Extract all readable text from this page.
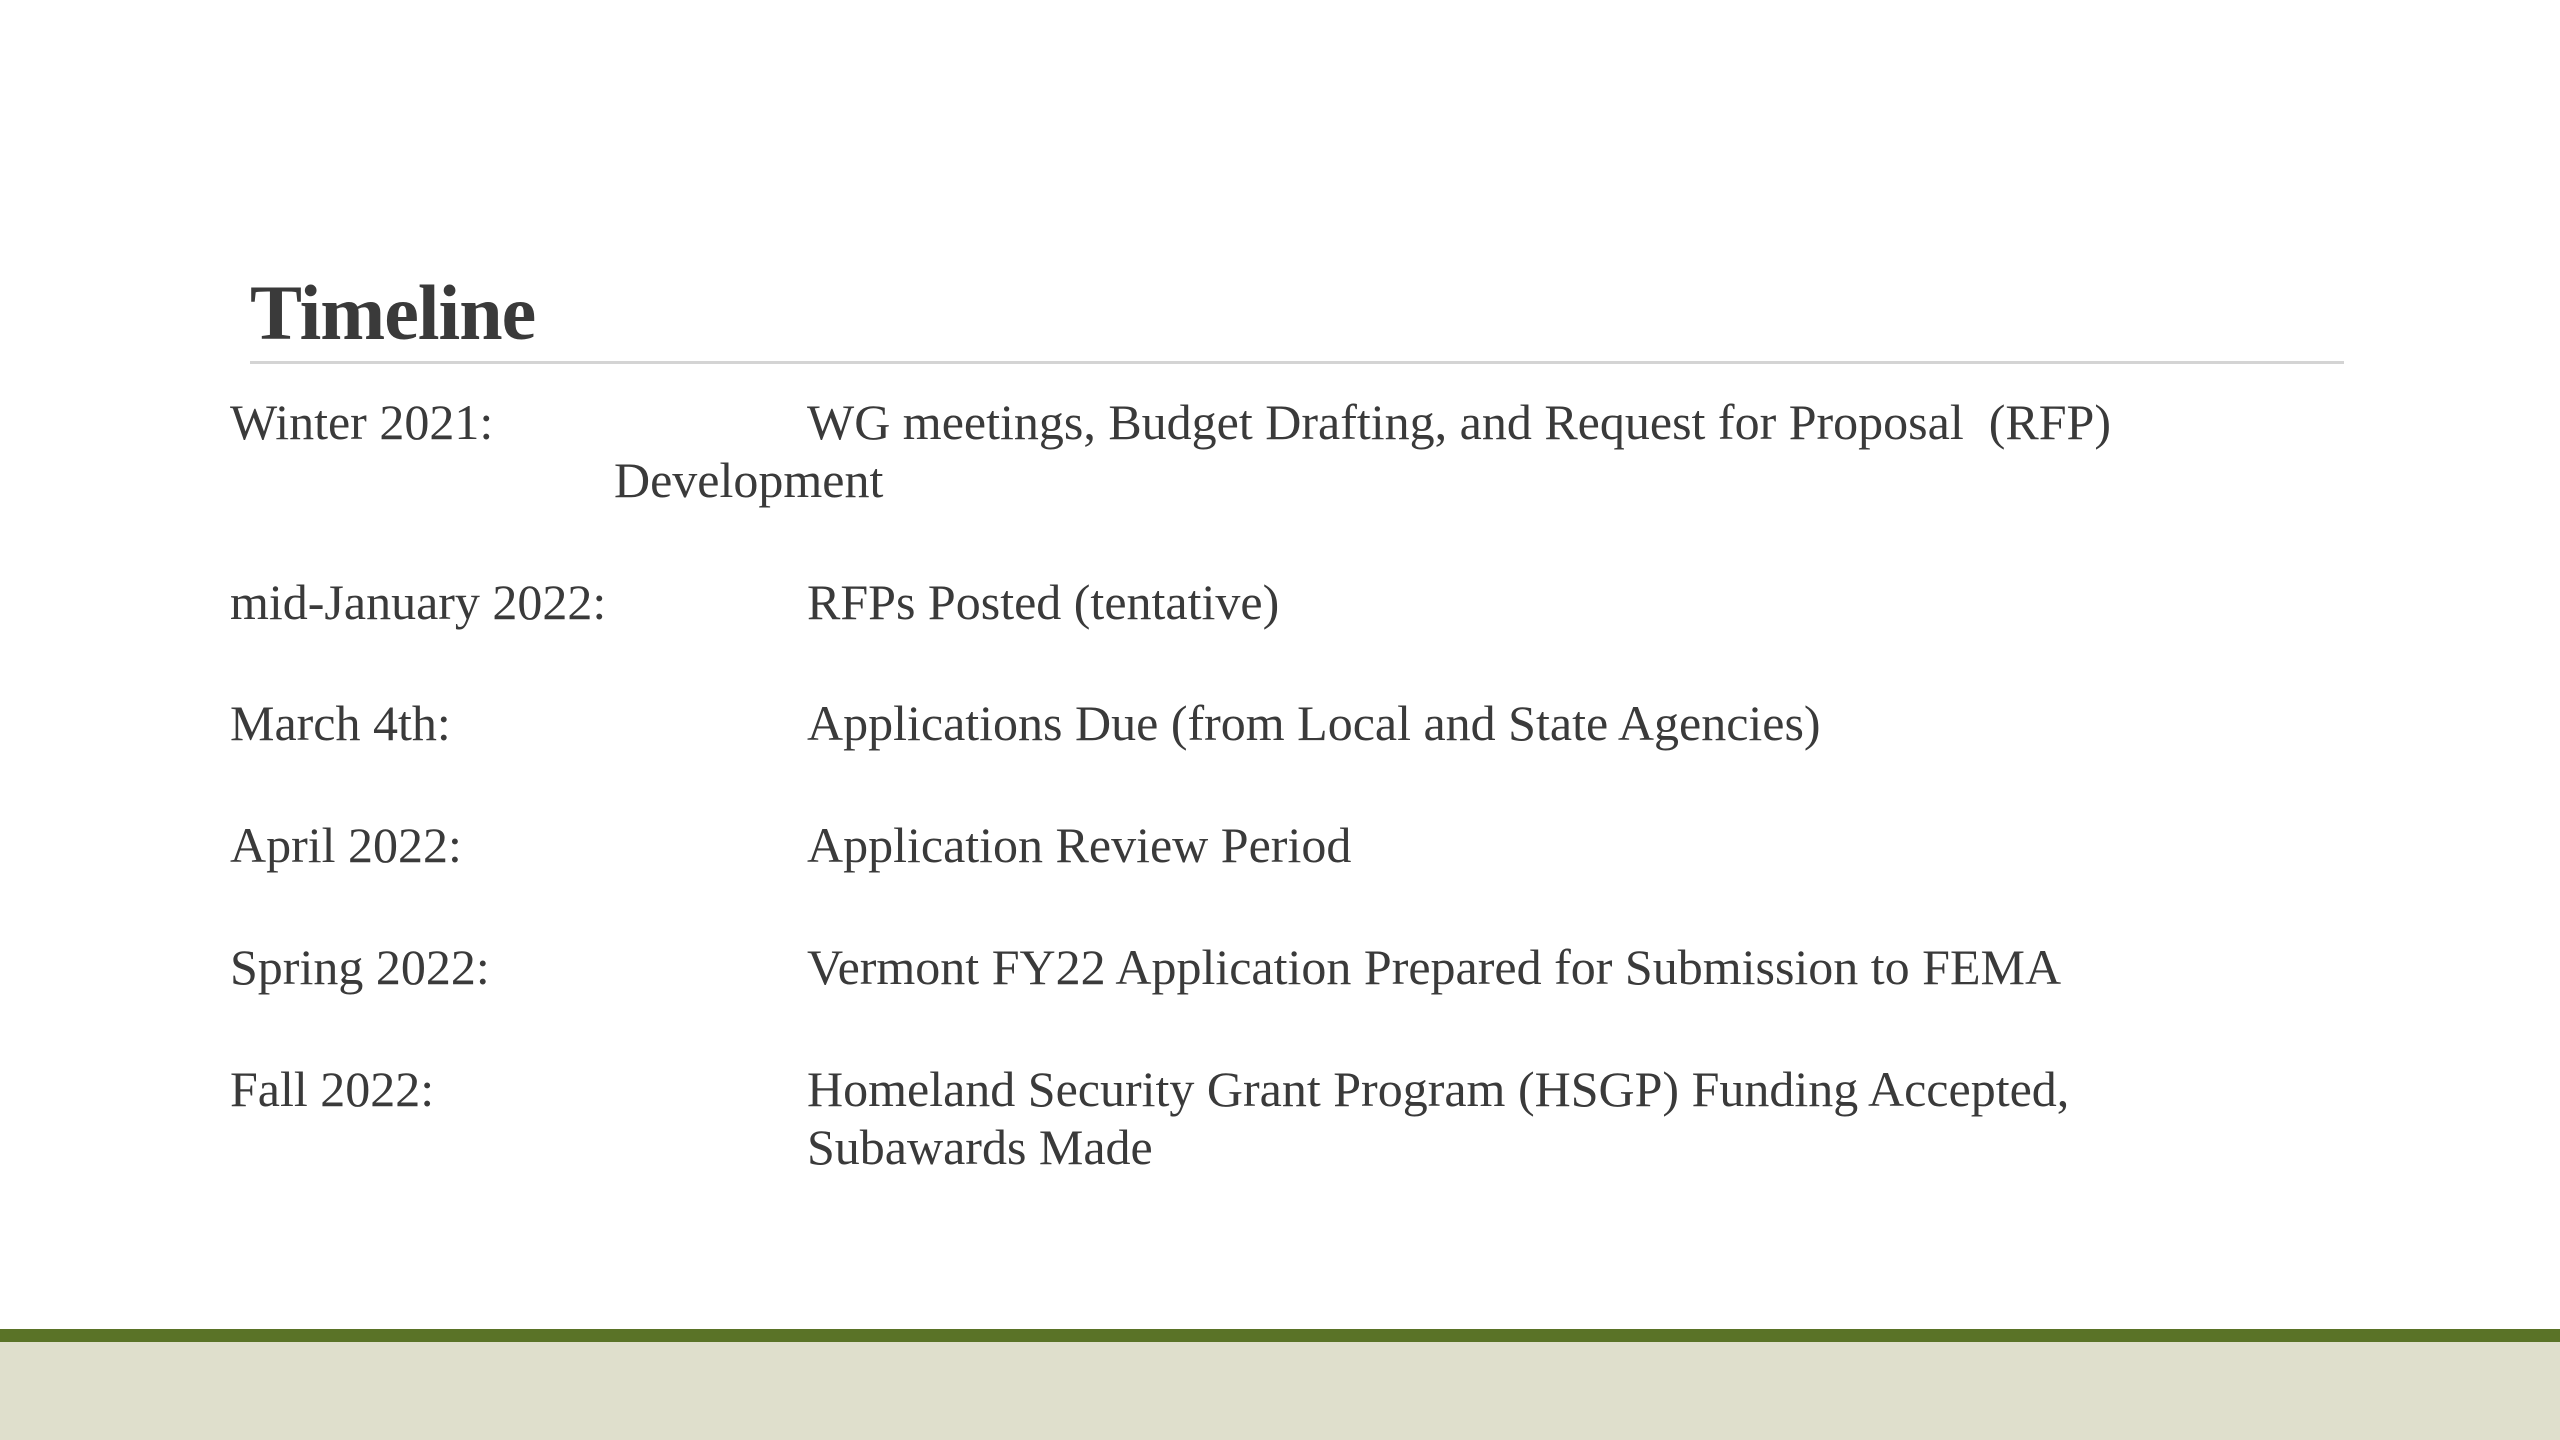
Timeline
Winter 2021:	WG meetings, Budget Drafting, and Request for Proposal  (RFP)
Development
mid-January 2022:	RFPs Posted (tentative)
March 4th:	Applications Due (from Local and State Agencies)
April 2022:	Application Review Period
Spring 2022:	Vermont FY22 Application Prepared for Submission to FEMA
Fall 2022:	Homeland Security Grant Program (HSGP) Funding Accepted, Subawards Made
